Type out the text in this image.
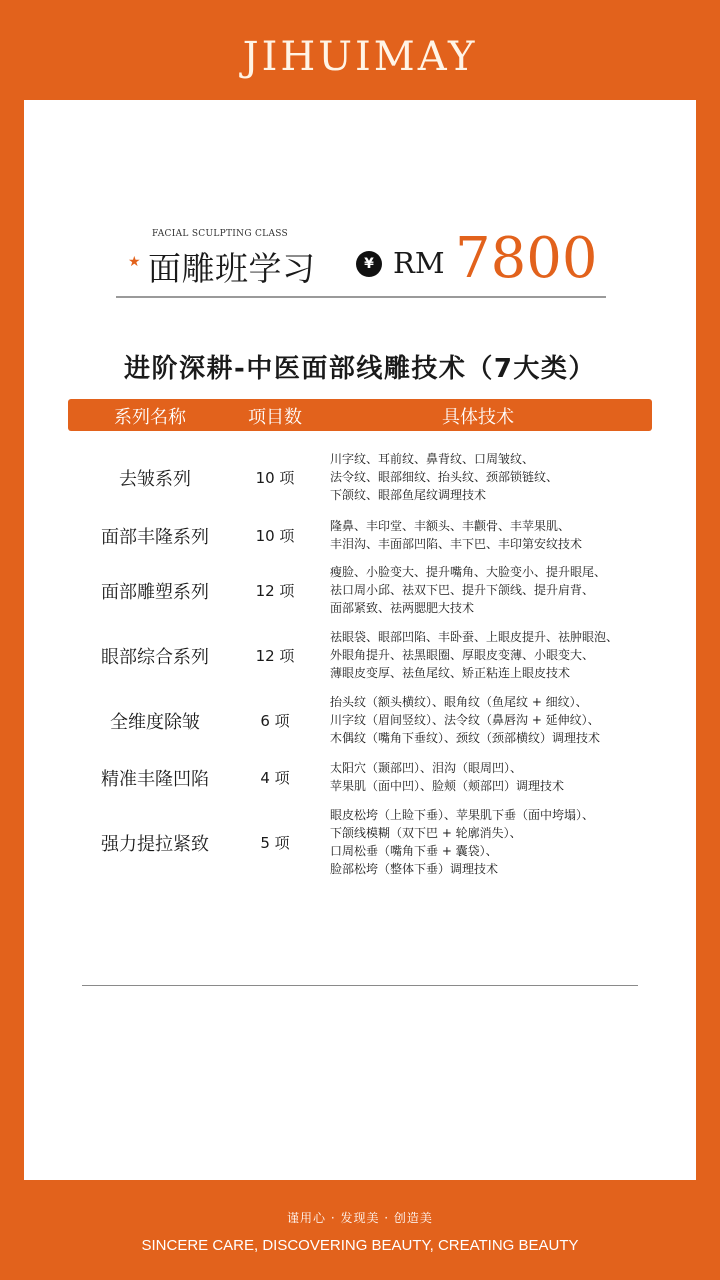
JIHUIMAY
FACIAL SCULPTING CLASS
★ 面雕班学习	¥ RM 7800
进阶深耕-中医面部线雕技术（7大类）
系列名称	项目数	具体技术
去皱系列	10 项
川字纹、耳前纹、鼻背纹、口周皱纹、
法令纹、眼部细纹、抬头纹、颈部锁链纹、
下颌纹、眼部鱼尾纹调理技术
面部丰隆系列	10 项
隆鼻、丰印堂、丰额头、丰颧骨、丰苹果肌、
丰泪沟、丰面部凹陷、丰下巴、丰印第安纹技术
面部雕塑系列	12 项
瘦脸、小脸变大、提升嘴角、大脸变小、提升眼尾、
祛口周小邱、祛双下巴、提升下颌线、提升肩背、
面部紧致、祛两腮肥大技术
眼部综合系列	12 项
祛眼袋、眼部凹陷、丰卧蚕、上眼皮提升、祛肿眼泡、
外眼角提升、祛黑眼圈、厚眼皮变薄、小眼变大、
薄眼皮变厚、祛鱼尾纹、矫正粘连上眼皮技术
全维度除皱	6 项
抬头纹（额头横纹）、眼角纹（鱼尾纹 + 细纹）、
川字纹（眉间竖纹）、法令纹（鼻唇沟 + 延伸纹）、
木偶纹（嘴角下垂纹）、颈纹（颈部横纹）调理技术
精准丰隆凹陷	4 项
太阳穴（颞部凹）、泪沟（眼周凹）、
苹果肌（面中凹）、脸颊（颊部凹）调理技术
强力提拉紧致	5 项
眼皮松垮（上睑下垂）、苹果肌下垂（面中垮塌）、
下颌线模糊（双下巴 + 轮廓消失）、
口周松垂（嘴角下垂 + 囊袋）、
脸部松垮（整体下垂）调理技术
谨用心 · 发现美 · 创造美
SINCERE CARE, DISCOVERING BEAUTY, CREATING BEAUTY
